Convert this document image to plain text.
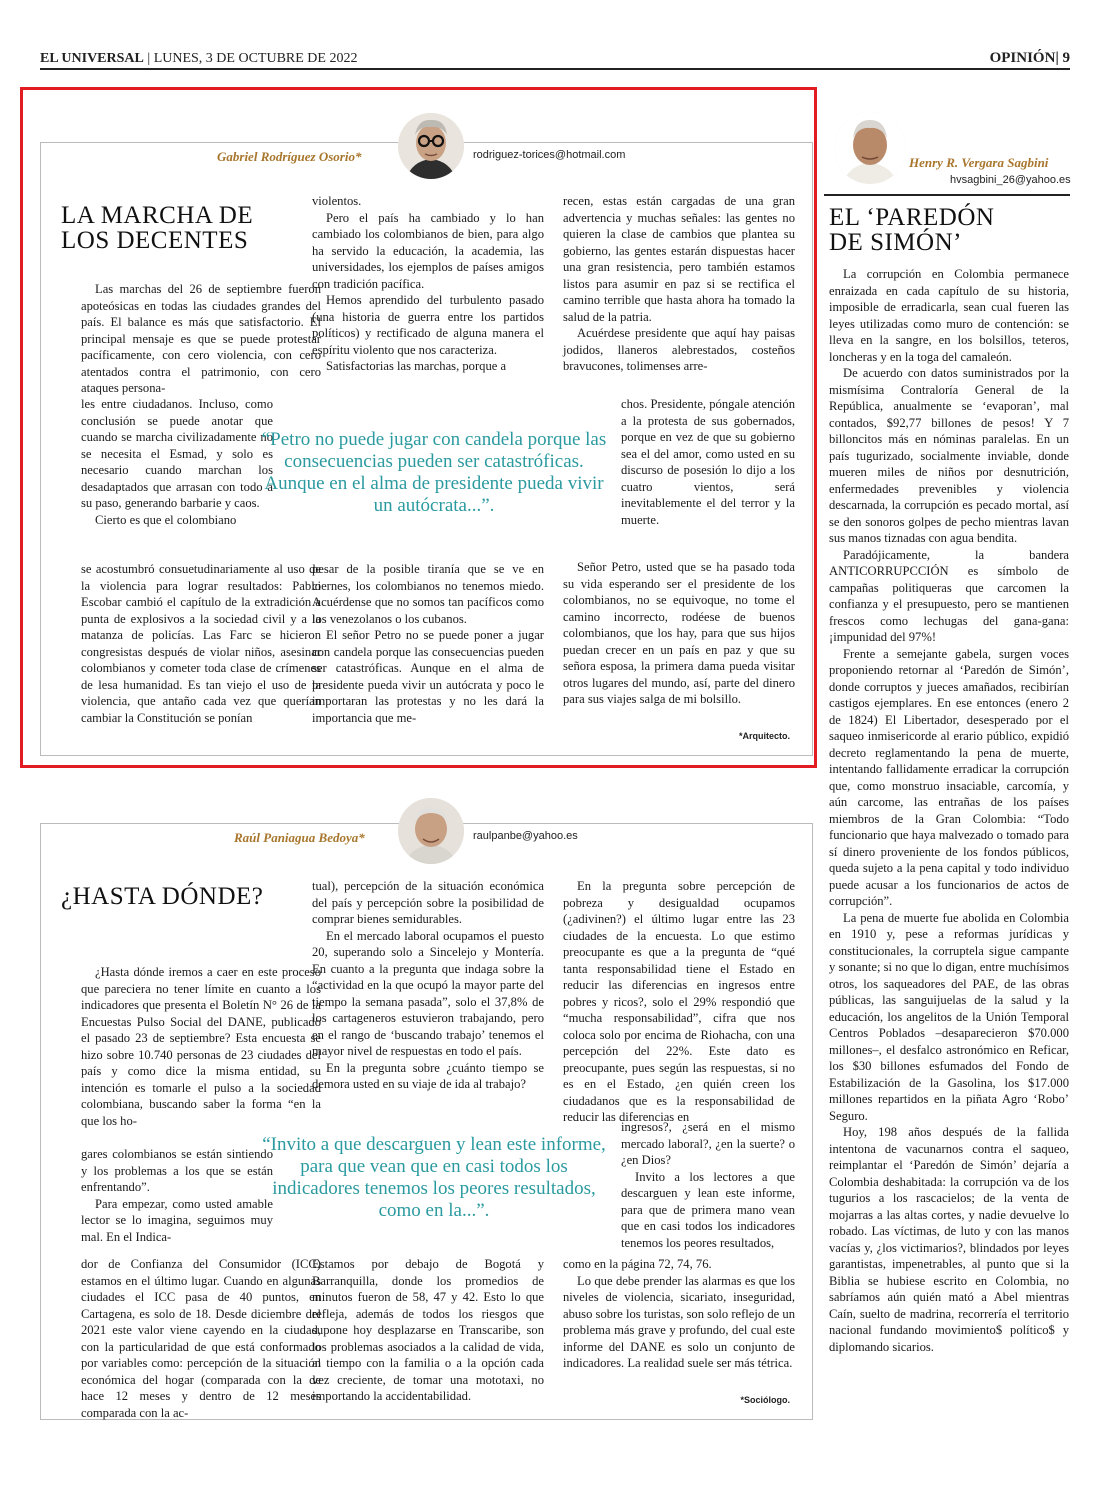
EL UNIVERSAL | LUNES, 3 DE OCTUBRE DE 2022	OPINIÓN| 9
Gabriel Rodríguez Osorio*	rodriguez-torices@hotmail.com
LA MARCHA DE
LOS DECENTES

Las marchas del 26 de septiembre fueron apoteósicas en todas las ciudades grandes del país. El balance es más que satisfactorio. El principal mensaje es que se puede protestar pacíficamente, con cero violencia, con cero atentados contra el patrimonio, con cero ataques persona-

les entre ciudadanos. Incluso, como conclusión se puede anotar que cuando se marcha civilizadamente no se necesita el Esmad, y solo es necesario cuando marchan los desadaptados que arrasan con todo a su paso, generando barbarie y caos.

Cierto es que el colombiano

se acostumbró consuetudinariamente al uso de la violencia para lograr resultados: Pablo Escobar cambió el capítulo de la extradición a punta de explosivos a la sociedad civil y a la matanza de policías. Las Farc se hicieron congresistas después de violar niños, asesinar colombianos y cometer toda clase de crímenes de lesa humanidad. Es tan viejo el uso de la violencia, que antaño cada vez que querían cambiar la Constitución se ponían

violentos.

Pero el país ha cambiado y lo han cambiado los colombianos de bien, para algo ha servido la educación, la academia, las universidades, los ejemplos de países amigos con tradición pacífica.

Hemos aprendido del turbulento pasado (una historia de guerra entre los partidos políticos) y rectificado de alguna manera el espíritu violento que nos caracteriza.

Satisfactorias las marchas, porque a

pesar de la posible tiranía que se ve en ciernes, los colombianos no tenemos miedo. Acuérdense que no somos tan pacíficos como los venezolanos o los cubanos.

El señor Petro no se puede poner a jugar con candela porque las consecuencias pueden ser catastróficas. Aunque en el alma de presidente pueda vivir un autócrata y poco le importaran las protestas y no les dará la importancia que me-

recen, estas están cargadas de una gran advertencia y muchas señales: las gentes no quieren la clase de cambios que plantea su gobierno, las gentes estarán dispuestas hacer una gran resistencia, pero también estamos listos para asumir en paz si se rectifica el camino terrible que hasta ahora ha tomado la salud de la patria.

Acuérdese presidente que aquí hay paisas jodidos, llaneros alebrestados, costeños bravucones, tolimenses arre-

chos. Presidente, póngale atención a la protesta de sus gobernados, porque en vez de que su gobierno sea el del amor, como usted en su discurso de posesión lo dijo a los cuatro vientos, será inevitablemente el del terror y la muerte.

Señor Petro, usted que se ha pasado toda su vida esperando ser el presidente de los colombianos, no se equivoque, no tome el camino incorrecto, rodéese de buenos colombianos, que los hay, para que sus hijos puedan crecer en un país en paz y que su señora esposa, la primera dama pueda visitar otros lugares del mundo, así, parte del dinero para sus viajes salga de mi bolsillo.

“Petro no puede jugar con candela porque las consecuencias pueden ser catastróficas. Aunque en el alma de presidente pueda vivir un autócrata...”.
*Arquitecto.
Raúl Paniagua Bedoya*	raulpanbe@yahoo.es
¿HASTA DÓNDE?

¿Hasta dónde iremos a caer en este proceso que pareciera no tener límite en cuanto a los indicadores que presenta el Boletín N° 26 de la Encuestas Pulso Social del DANE, publicado el pasado 23 de septiembre? Esta encuesta se hizo sobre 10.740 personas de 23 ciudades del país y como dice la misma entidad, su intención es tomarle el pulso a la sociedad colombiana, buscando saber la forma “en la que los ho-

gares colombianos se están sintiendo y los problemas a los que se están enfrentando”.

Para empezar, como usted amable lector se lo imagina, seguimos muy mal. En el Indica-

dor de Confianza del Consumidor (ICC) estamos en el último lugar. Cuando en algunas ciudades el ICC pasa de 40 puntos, en Cartagena, es solo de 18. Desde diciembre del 2021 este valor viene cayendo en la ciudad, con la particularidad de que está conformado por variables como: percepción de la situación económica del hogar (comparada con la de hace 12 meses y dentro de 12 meses comparada con la ac-

tual), percepción de la situación económica del país y percepción sobre la posibilidad de comprar bienes semidurables.

En el mercado laboral ocupamos el puesto 20, superando solo a Sincelejo y Montería. En cuanto a la pregunta que indaga sobre la “actividad en la que ocupó la mayor parte del tiempo la semana pasada”, solo el 37,8% de los cartageneros estuvieron trabajando, pero en el rango de ‘buscando trabajo’ tenemos el mayor nivel de respuestas en todo el país.

En la pregunta sobre ¿cuánto tiempo se demora usted en su viaje de ida al trabajo?

Estamos por debajo de Bogotá y Barranquilla, donde los promedios de minutos fueron de 58, 47 y 42. Esto lo que refleja, además de todos los riesgos que supone hoy desplazarse en Transcaribe, son los problemas asociados a la calidad de vida, al tiempo con la familia o a la opción cada vez creciente, de tomar una mototaxi, no importando la accidentabilidad.

En la pregunta sobre percepción de pobreza y desigualdad ocupamos (¿adivinen?) el último lugar entre las 23 ciudades de la encuesta. Lo que estimo preocupante es que a la pregunta de “qué tanta responsabilidad tiene el Estado en reducir las diferencias en ingresos entre pobres y ricos?, solo el 29% respondió que “mucha responsabilidad”, cifra que nos coloca solo por encima de Riohacha, con una percepción del 22%. Este dato es preocupante, pues según las respuestas, si no es en el Estado, ¿en quién creen los ciudadanos que es la responsabilidad de reducir las diferencias en

ingresos?, ¿será en el mismo mercado laboral?, ¿en la suerte? o ¿en Dios?

Invito a los lectores a que descarguen y lean este informe, para que de primera mano vean que en casi todos los indicadores tenemos los peores resultados,

como en la página 72, 74, 76.

Lo que debe prender las alarmas es que los niveles de violencia, sicariato, inseguridad, abuso sobre los turistas, son solo reflejo de un problema más grave y profundo, del cual este informe del DANE es solo un conjunto de indicadores. La realidad suele ser más tétrica.

“Invito a que descarguen y lean este informe, para que vean que en casi todos los indicadores tenemos los peores resultados, como en la...”.
*Sociólogo.
Henry R. Vergara Sagbini
hvsagbini_26@yahoo.es
EL ‘PAREDÓN
DE SIMÓN’

La corrupción en Colombia permanece enraizada en cada capítulo de su historia, imposible de erradicarla, sean cual fueren las leyes utilizadas como muro de contención: se lleva en la sangre, en los bolsillos, teteros, loncheras y en la toga del camaleón.

De acuerdo con datos suministrados por la mismísima Contraloría General de la República, anualmente se ‘evaporan’, mal contados, $92,77 billones de pesos! Y 7 billoncitos más en nóminas paralelas. En un país tugurizado, socialmente inviable, donde mueren miles de niños por desnutrición, enfermedades prevenibles y violencia descarnada, la corrupción es pecado mortal, así se den sonoros golpes de pecho mientras lavan sus manos tiznadas con agua bendita.

Paradójicamente, la bandera ANTICORRUPCCIÓN es símbolo de campañas politiqueras que carcomen la confianza y el presupuesto, pero se mantienen frescos como lechugas del gana-gana: ¡impunidad del 97%!

Frente a semejante gabela, surgen voces proponiendo retornar al ‘Paredón de Simón’, donde corruptos y jueces amañados, recibirían castigos ejemplares. En ese entonces (enero 2 de 1824) El Libertador, desesperado por el saqueo inmisericorde al erario público, expidió decreto reglamentando la pena de muerte, intentando fallidamente erradicar la corrupción que, como monstruo insaciable, carcomía, y aún carcome, las entrañas de los países miembros de la Gran Colombia: “Todo funcionario que haya malvezado o tomado para sí dinero proveniente de los fondos públicos, queda sujeto a la pena capital y todo individuo puede acusar a los funcionarios de actos de corrupción”.

La pena de muerte fue abolida en Colombia en 1910 y, pese a reformas jurídicas y constitucionales, la corruptela sigue campante y sonante; si no que lo digan, entre muchísimos otros, los saqueadores del PAE, de las obras públicas, las sanguijuelas de la salud y la educación, los angelitos de la Unión Temporal Centros Poblados –desaparecieron $70.000 millones–, el desfalco astronómico en Reficar, los $30 billones esfumados del Fondo de Estabilización de la Gasolina, los $17.000 millones repartidos en la piñata Agro ‘Robo’ Seguro.

Hoy, 198 años después de la fallida intentona de vacunarnos contra el saqueo, reimplantar el ‘Paredón de Simón’ dejaría a Colombia deshabitada: la corrupción va de los tugurios a los rascacielos; de la venta de mojarras a las altas cortes, y nadie devuelve lo robado. Las víctimas, de luto y con las manos vacías y, ¿los victimarios?, blindados por leyes garantistas, impenetrables, al punto que si la Biblia se hubiese escrito en Colombia, no sabríamos aún quién mató a Abel mientras Caín, suelto de madrina, recorrería el territorio nacional fundando movimiento$ político$ y diplomando sicarios.
